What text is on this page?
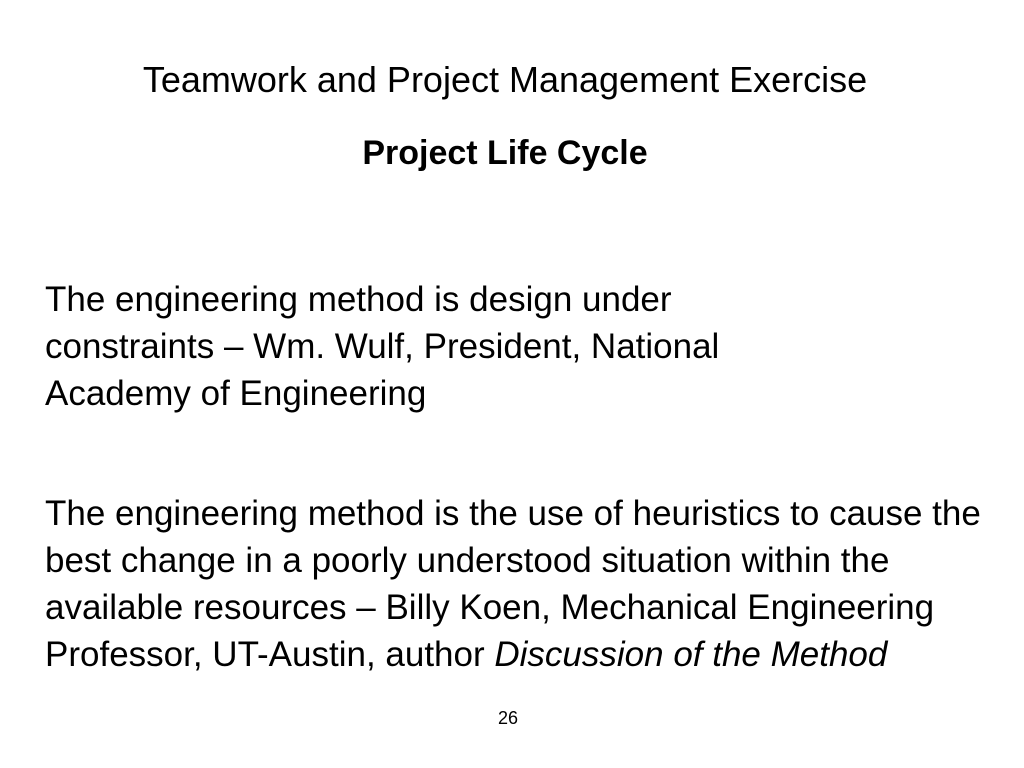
Teamwork and Project Management Exercise
Project Life Cycle
The engineering method is design under constraints – Wm. Wulf, President, National Academy of Engineering
The engineering method is the use of heuristics to cause the best change in a poorly understood situation within the available resources – Billy Koen, Mechanical Engineering Professor, UT-Austin, author Discussion of the Method
26
